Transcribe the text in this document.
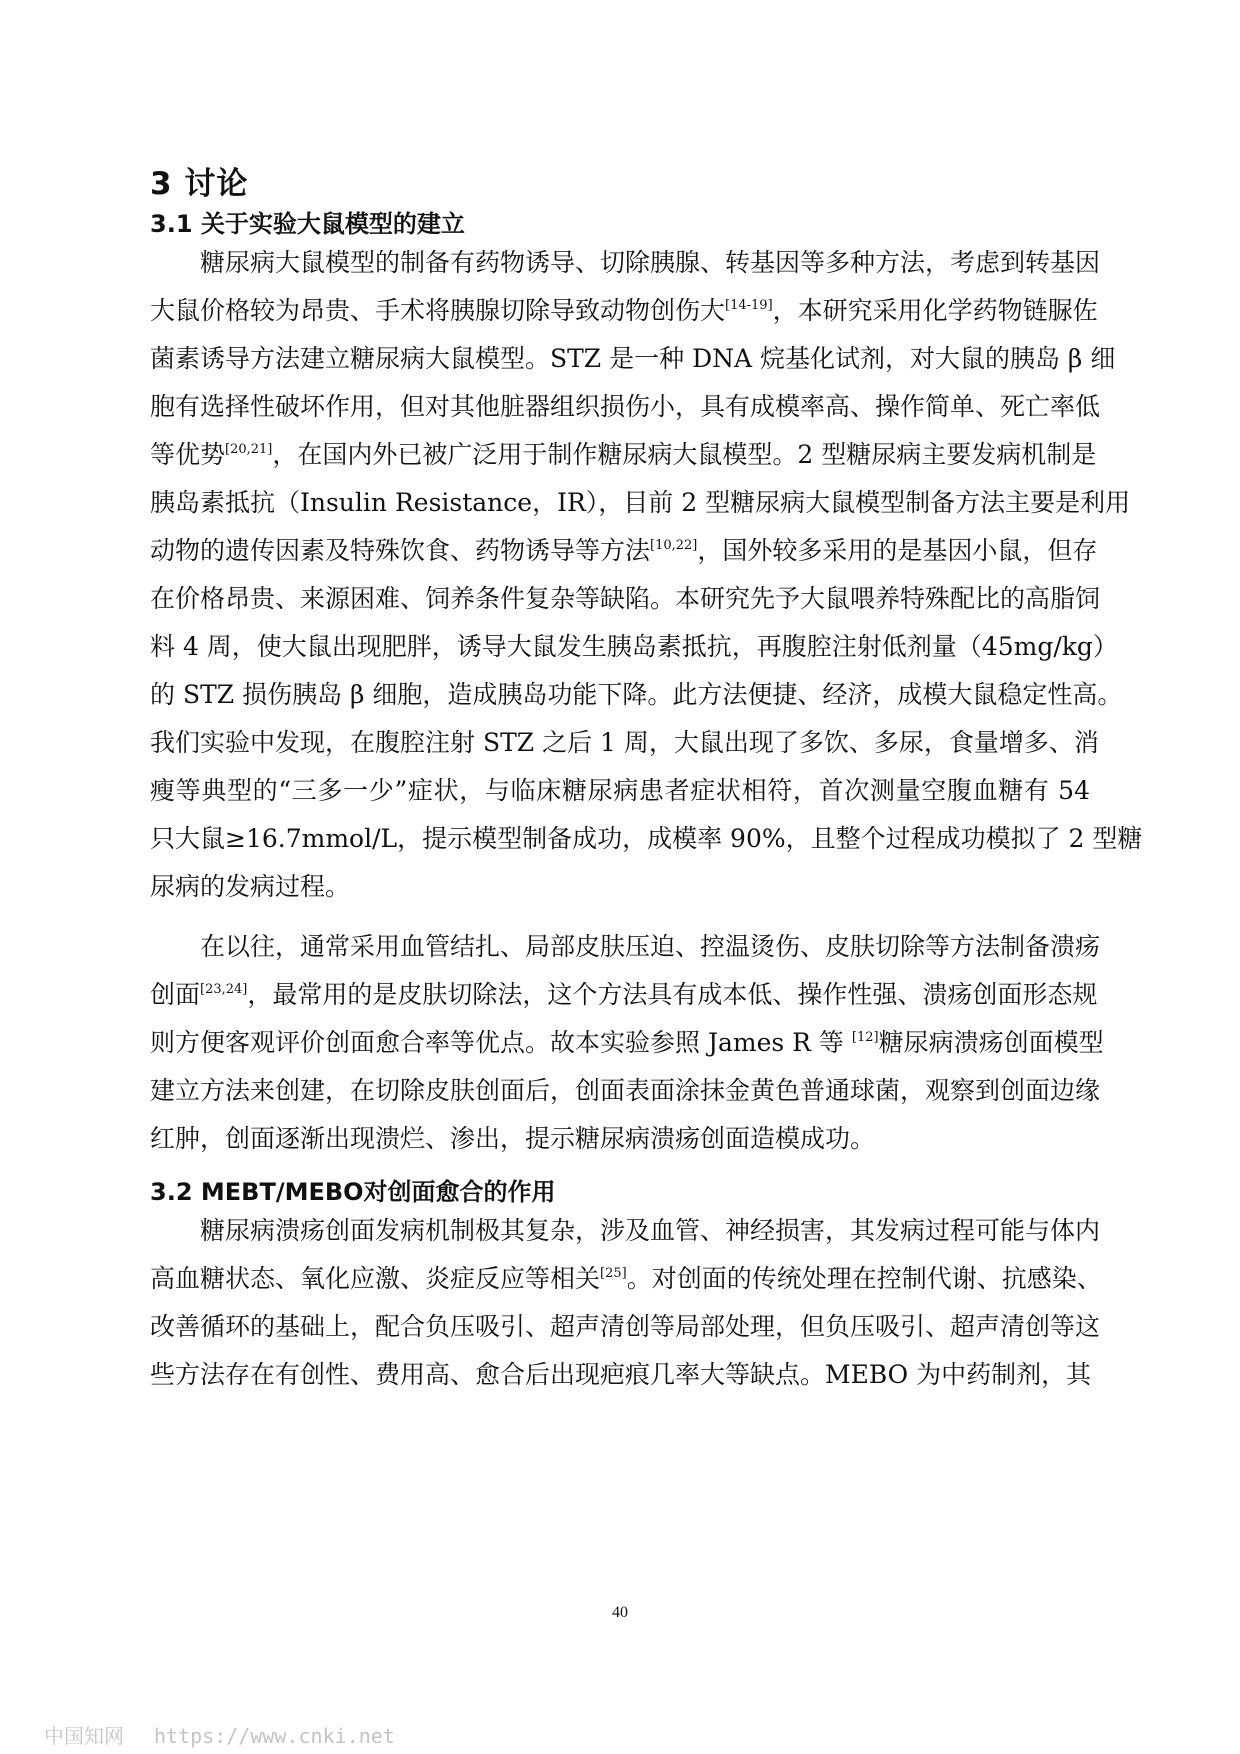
3 讨论
3.1 关于实验大鼠模型的建立

糖尿病大鼠模型的制备有药物诱导、切除胰腺、转基因等多种方法，考虑到转基因

大鼠价格较为昂贵、手术将胰腺切除导致动物创伤大[14-19]，本研究采用化学药物链脲佐

菌素诱导方法建立糖尿病大鼠模型。STZ 是一种 DNA 烷基化试剂，对大鼠的胰岛 β 细

胞有选择性破坏作用，但对其他脏器组织损伤小，具有成模率高、操作简单、死亡率低

等优势[20,21]，在国内外已被广泛用于制作糖尿病大鼠模型。2 型糖尿病主要发病机制是

胰岛素抵抗（Insulin Resistance，IR），目前 2 型糖尿病大鼠模型制备方法主要是利用

动物的遗传因素及特殊饮食、药物诱导等方法[10,22]，国外较多采用的是基因小鼠，但存

在价格昂贵、来源困难、饲养条件复杂等缺陷。本研究先予大鼠喂养特殊配比的高脂饲

料 4 周，使大鼠出现肥胖，诱导大鼠发生胰岛素抵抗，再腹腔注射低剂量（45mg/kg）

的 STZ 损伤胰岛 β 细胞，造成胰岛功能下降。此方法便捷、经济，成模大鼠稳定性高。

我们实验中发现，在腹腔注射 STZ 之后 1 周，大鼠出现了多饮、多尿，食量增多、消

瘦等典型的“三多一少”症状，与临床糖尿病患者症状相符，首次测量空腹血糖有 54

只大鼠≥16.7mmol/L，提示模型制备成功，成模率 90%，且整个过程成功模拟了 2 型糖

尿病的发病过程。

在以往，通常采用血管结扎、局部皮肤压迫、控温烫伤、皮肤切除等方法制备溃疡

创面[23,24]，最常用的是皮肤切除法，这个方法具有成本低、操作性强、溃疡创面形态规

则方便客观评价创面愈合率等优点。故本实验参照 James R 等 [12]糖尿病溃疡创面模型

建立方法来创建，在切除皮肤创面后，创面表面涂抹金黄色普通球菌，观察到创面边缘

红肿，创面逐渐出现溃烂、渗出，提示糖尿病溃疡创面造模成功。

3.2 MEBT/MEBO对创面愈合的作用

糖尿病溃疡创面发病机制极其复杂，涉及血管、神经损害，其发病过程可能与体内

高血糖状态、氧化应激、炎症反应等相关[25]。对创面的传统处理在控制代谢、抗感染、

改善循环的基础上，配合负压吸引、超声清创等局部处理，但负压吸引、超声清创等这

些方法存在有创性、费用高、愈合后出现疤痕几率大等缺点。MEBO 为中药制剂，其

40
中国知网 https://www.cnki.net
